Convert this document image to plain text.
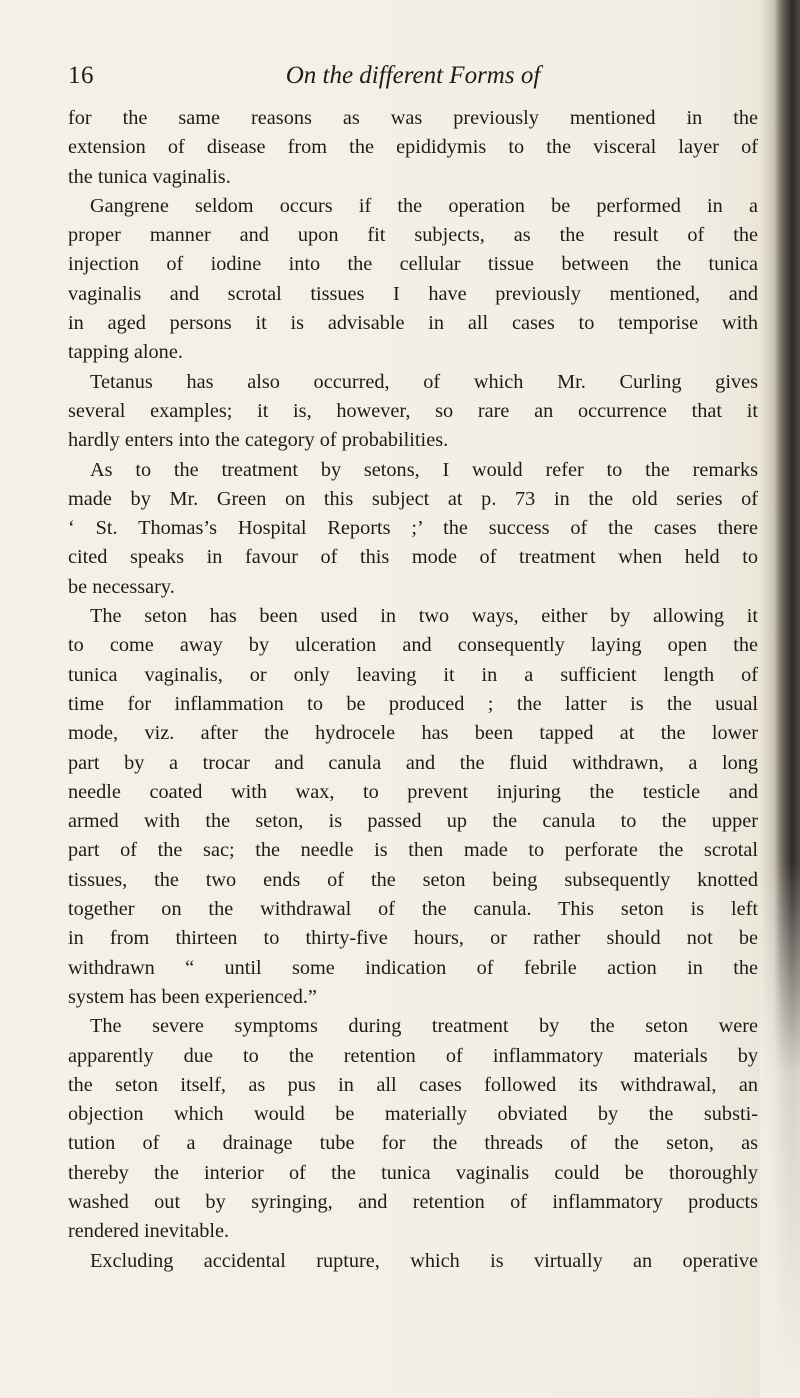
16	On the different Forms of
for the same reasons as was previously mentioned in the
extension of disease from the epididymis to the visceral layer of
the tunica vaginalis.
Gangrene seldom occurs if the operation be performed in a
proper manner and upon fit subjects, as the result of the
injection of iodine into the cellular tissue between the tunica
vaginalis and scrotal tissues I have previously mentioned, and
in aged persons it is advisable in all cases to temporise with
tapping alone.
Tetanus has also occurred, of which Mr. Curling gives
several examples; it is, however, so rare an occurrence that it
hardly enters into the category of probabilities.
As to the treatment by setons, I would refer to the remarks
made by Mr. Green on this subject at p. 73 in the old series of
‘ St. Thomas’s Hospital Reports ;’ the success of the cases there
cited speaks in favour of this mode of treatment when held to
be necessary.
The seton has been used in two ways, either by allowing it
to come away by ulceration and consequently laying open the
tunica vaginalis, or only leaving it in a sufficient length of
time for inflammation to be produced ; the latter is the usual
mode, viz. after the hydrocele has been tapped at the lower
part by a trocar and canula and the fluid withdrawn, a long
needle coated with wax, to prevent injuring the testicle and
armed with the seton, is passed up the canula to the upper
part of the sac; the needle is then made to perforate the scrotal
tissues, the two ends of the seton being subsequently knotted
together on the withdrawal of the canula. This seton is left
in from thirteen to thirty-five hours, or rather should not be
withdrawn “ until some indication of febrile action in the
system has been experienced.”
The severe symptoms during treatment by the seton were
apparently due to the retention of inflammatory materials by
the seton itself, as pus in all cases followed its withdrawal, an
objection which would be materially obviated by the substi-
tution of a drainage tube for the threads of the seton, as
thereby the interior of the tunica vaginalis could be thoroughly
washed out by syringing, and retention of inflammatory products
rendered inevitable.
Excluding accidental rupture, which is virtually an operative
